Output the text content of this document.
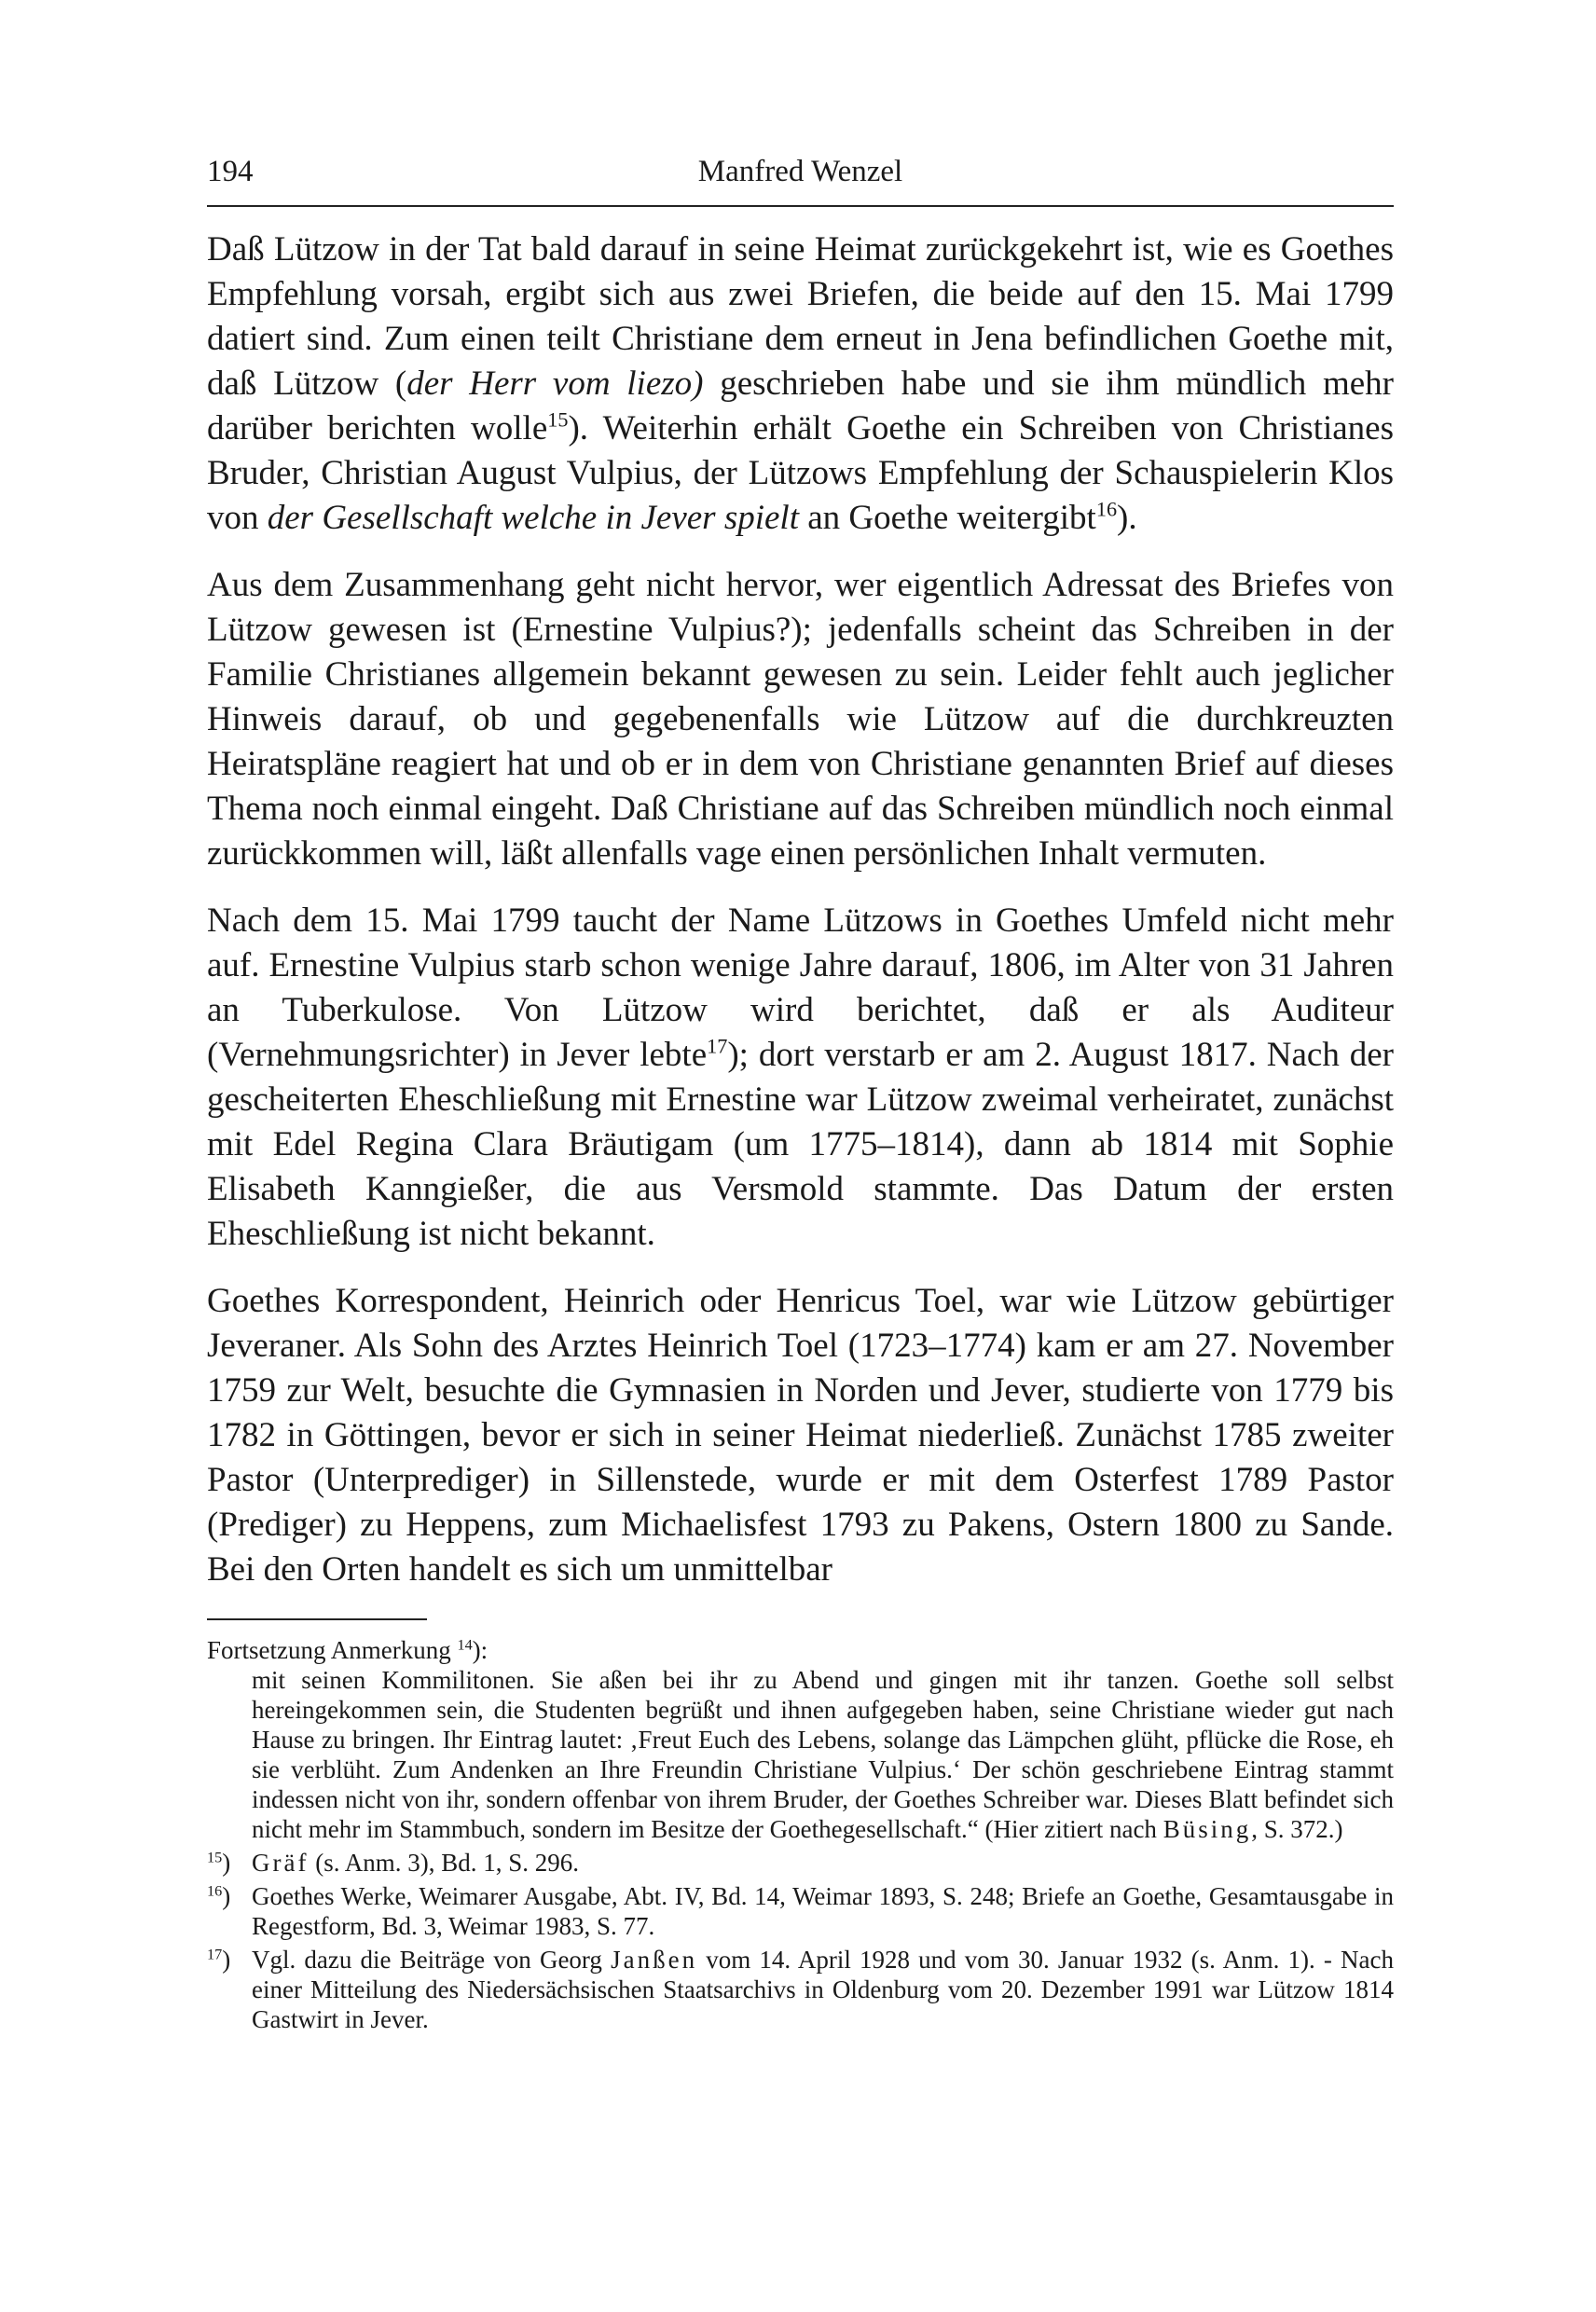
194	Manfred Wenzel

Daß Lützow in der Tat bald darauf in seine Heimat zurückgekehrt ist, wie es Goethes Empfehlung vorsah, ergibt sich aus zwei Briefen, die beide auf den 15. Mai 1799 datiert sind. Zum einen teilt Christiane dem erneut in Jena befindlichen Goethe mit, daß Lützow (der Herr vom liezo) geschrieben habe und sie ihm mündlich mehr darüber berichten wolle$^{15}$). Weiterhin erhält Goethe ein Schreiben von Christianes Bruder, Christian August Vulpius, der Lützows Empfehlung der Schauspielerin Klos von der Gesellschaft welche in Jever spielt an Goethe weitergibt$^{16}$).

Aus dem Zusammenhang geht nicht hervor, wer eigentlich Adressat des Briefes von Lützow gewesen ist (Ernestine Vulpius?); jedenfalls scheint das Schreiben in der Familie Christianes allgemein bekannt gewesen zu sein. Leider fehlt auch jeglicher Hinweis darauf, ob und gegebenenfalls wie Lützow auf die durchkreuzten Heiratspläne reagiert hat und ob er in dem von Christiane genannten Brief auf dieses Thema noch einmal eingeht. Daß Christiane auf das Schreiben mündlich noch einmal zurückkommen will, läßt allenfalls vage einen persönlichen Inhalt vermuten.

Nach dem 15. Mai 1799 taucht der Name Lützows in Goethes Umfeld nicht mehr auf. Ernestine Vulpius starb schon wenige Jahre darauf, 1806, im Alter von 31 Jahren an Tuberkulose. Von Lützow wird berichtet, daß er als Auditeur (Vernehmungsrichter) in Jever lebte$^{17}$); dort verstarb er am 2. August 1817. Nach der gescheiterten Eheschließung mit Ernestine war Lützow zweimal verheiratet, zunächst mit Edel Regina Clara Bräutigam (um 1775–1814), dann ab 1814 mit Sophie Elisabeth Kanngießer, die aus Versmold stammte. Das Datum der ersten Eheschließung ist nicht bekannt.

Goethes Korrespondent, Heinrich oder Henricus Toel, war wie Lützow gebürtiger Jeveraner. Als Sohn des Arztes Heinrich Toel (1723–1774) kam er am 27. November 1759 zur Welt, besuchte die Gymnasien in Norden und Jever, studierte von 1779 bis 1782 in Göttingen, bevor er sich in seiner Heimat niederließ. Zunächst 1785 zweiter Pastor (Unterprediger) in Sillenstede, wurde er mit dem Osterfest 1789 Pastor (Prediger) zu Heppens, zum Michaelisfest 1793 zu Pakens, Ostern 1800 zu Sande. Bei den Orten handelt es sich um unmittelbar

Fortsetzung Anmerkung $^{14}$):

mit seinen Kommilitonen. Sie aßen bei ihr zu Abend und gingen mit ihr tanzen. Goethe soll selbst hereingekommen sein, die Studenten begrüßt und ihnen aufgegeben haben, seine Christiane wieder gut nach Hause zu bringen. Ihr Eintrag lautet: ‚Freut Euch des Lebens, solange das Lämpchen glüht, pflücke die Rose, eh sie verblüht. Zum Andenken an Ihre Freundin Christiane Vulpius.‘ Der schön geschriebene Eintrag stammt indessen nicht von ihr, sondern offenbar von ihrem Bruder, der Goethes Schreiber war. Dieses Blatt befindet sich nicht mehr im Stammbuch, sondern im Besitze der Goethegesellschaft.“ (Hier zitiert nach Büsing, S. 372.)

$^{15}$) Gräf (s. Anm. 3), Bd. 1, S. 296.
$^{16}$) Goethes Werke, Weimarer Ausgabe, Abt. IV, Bd. 14, Weimar 1893, S. 248; Briefe an Goethe, Gesamtausgabe in Regestform, Bd. 3, Weimar 1983, S. 77.
$^{17}$) Vgl. dazu die Beiträge von Georg Janßen vom 14. April 1928 und vom 30. Januar 1932 (s. Anm. 1). - Nach einer Mitteilung des Niedersächsischen Staatsarchivs in Oldenburg vom 20. Dezember 1991 war Lützow 1814 Gastwirt in Jever.
